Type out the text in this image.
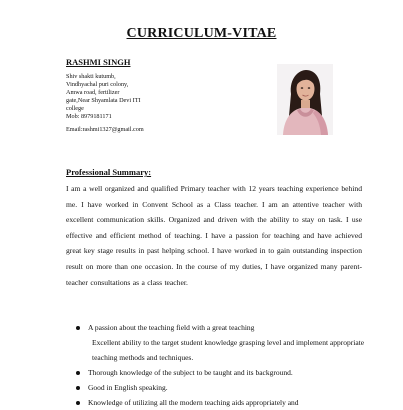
CURRICULUM-VITAE
RASHMI SINGH
Shiv shakti kutumb,
Vindhyachal puri colony,
Amwa road, fertilizer
gate,Near Shyamlata Devi ITI
college
Mob: 8979181171
Email:rashmi1327@gmail.com
Professional Summary:
I am a well organized and qualified Primary teacher with 12 years teaching experience behind me. I have worked in Convent School as a Class teacher. I am an attentive teacher with excellent communication skills. Organized and driven with the ability to stay on task. I use effective and efficient method of teaching. I have a passion for teaching and have achieved great key stage results in past helping school. I have worked in to gain outstanding inspection result on more than one occasion. In the course of my duties, I have organized many parent- teacher consultations as a class teacher.
A passion about the teaching field with a great teaching
Excellent ability to the target student knowledge grasping level and implement appropriate teaching methods and techniques.
Thorough knowledge of the subject to be taught and its background.
Good in English speaking.
Knowledge of utilizing all the modern teaching aids appropriately and
